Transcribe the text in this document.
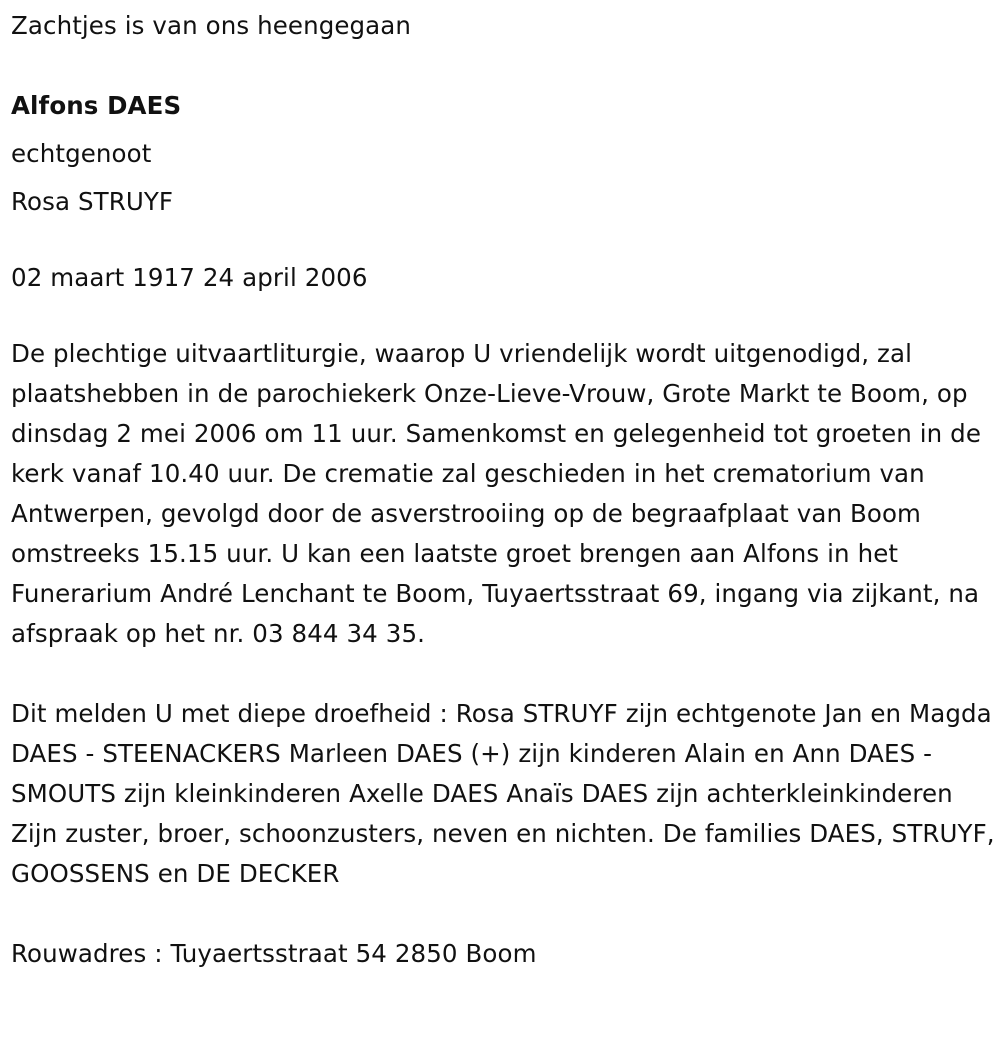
Zachtjes is van ons heengegaan

Alfons DAES

echtgenoot

Rosa STRUYF

02 maart 1917 24 april 2006

De plechtige uitvaartliturgie, waarop U vriendelijk wordt uitgenodigd, zal plaatshebben in de parochiekerk Onze-Lieve-Vrouw, Grote Markt te Boom, op dinsdag 2 mei 2006 om 11 uur. Samenkomst en gelegenheid tot groeten in de kerk vanaf 10.40 uur. De crematie zal geschieden in het crematorium van Antwerpen, gevolgd door de asverstrooiing op de begraafplaat van Boom omstreeks 15.15 uur. U kan een laatste groet brengen aan Alfons in het Funerarium André Lenchant te Boom, Tuyaertsstraat 69, ingang via zijkant, na afspraak op het nr. 03 844 34 35.

Dit melden U met diepe droefheid : Rosa STRUYF zijn echtgenote Jan en Magda DAES - STEENACKERS Marleen DAES (+) zijn kinderen Alain en Ann DAES - SMOUTS zijn kleinkinderen Axelle DAES Anaïs DAES zijn achterkleinkinderen Zijn zuster, broer, schoonzusters, neven en nichten. De families DAES, STRUYF, GOOSSENS en DE DECKER

Rouwadres : Tuyaertsstraat 54 2850 Boom
